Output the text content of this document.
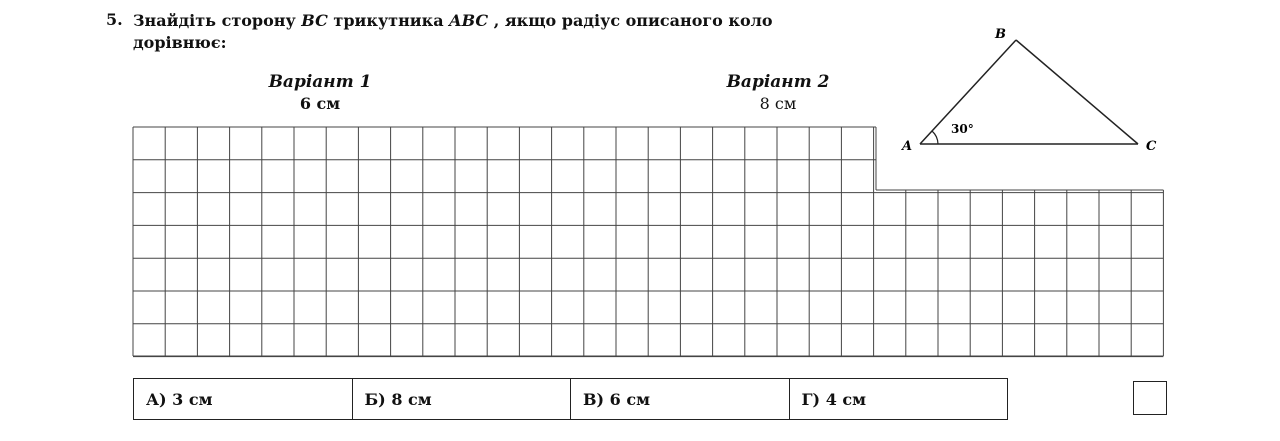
5. Знайдіть сторону BC трикутника ABC , якщо радіус описаного коло дорівнює:
Варіант 1
6 см
Варіант 2
8 см
A
B
C
30°
А) 3 см	Б) 8 см	В) 6 см	Г) 4 см
